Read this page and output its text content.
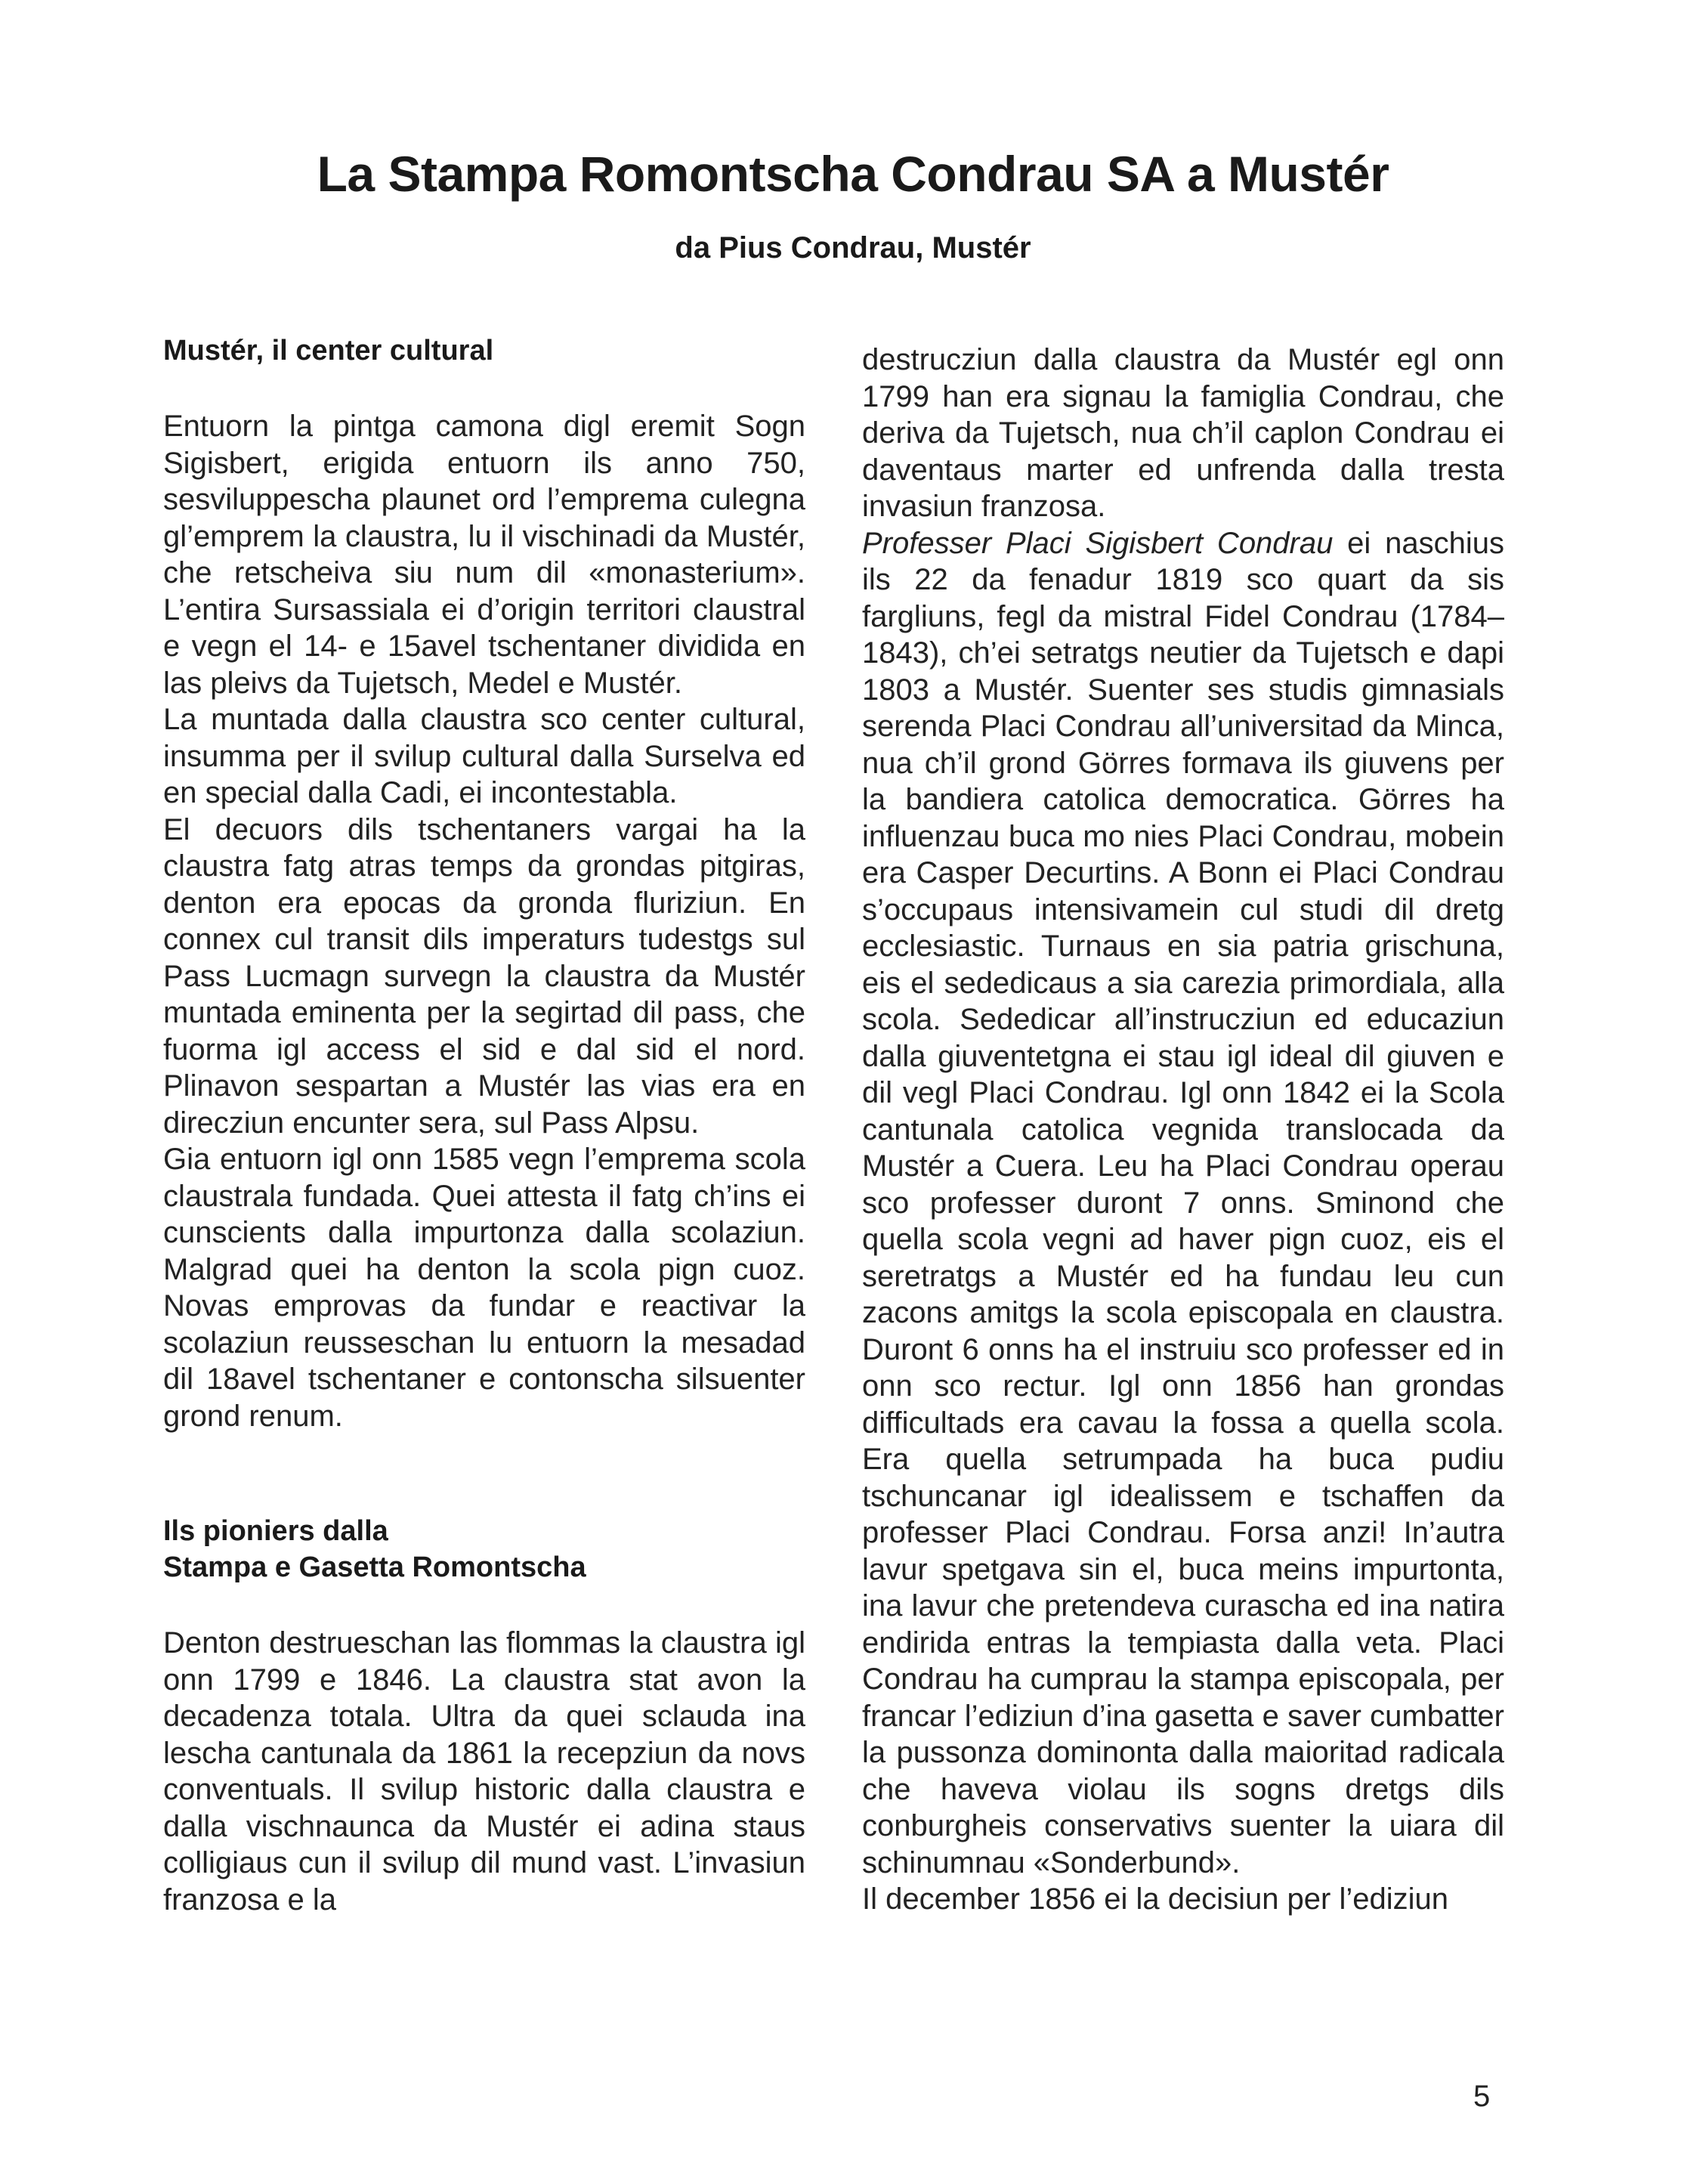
La Stampa Romontscha Condrau SA a Mustér
da Pius Condrau, Mustér

Mustér, il center cultural

Entuorn la pintga camona digl eremit Sogn Sigisbert, erigida entuorn ils anno 750, sesviluppescha plaunet ord l’emprema culegna gl’emprem la claustra, lu il vischinadi da Mustér, che retscheiva siu num dil «monasterium». L’entira Sursassiala ei d’origin territori claustral e vegn el 14- e 15avel tschentaner dividida en las pleivs da Tujetsch, Medel e Mustér.

La muntada dalla claustra sco center cultural, insumma per il svilup cultural dalla Surselva ed en special dalla Cadi, ei incontestabla.

El decuors dils tschentaners vargai ha la claustra fatg atras temps da grondas pitgiras, denton era epocas da gronda fluriziun. En connex cul transit dils imperaturs tudestgs sul Pass Lucmagn survegn la claustra da Mustér muntada eminenta per la segirtad dil pass, che fuorma igl access el sid e dal sid el nord. Plinavon sespartan a Mustér las vias era en direcziun encunter sera, sul Pass Alpsu.

Gia entuorn igl onn 1585 vegn l’emprema scola claustrala fundada. Quei attesta il fatg ch’ins ei cunscients dalla impurtonza dalla scolaziun. Malgrad quei ha denton la scola pign cuoz. Novas emprovas da fundar e reactivar la scolaziun reusseschan lu entuorn la mesadad dil 18avel tschentaner e contonscha silsuenter grond renum.

Ils pioniers dalla
Stampa e Gasetta Romontscha

Denton destrueschan las flommas la claustra igl onn 1799 e 1846. La claustra stat avon la decadenza totala. Ultra da quei sclauda ina lescha cantunala da 1861 la recepziun da novs conventuals. Il svilup historic dalla claustra e dalla vischnaunca da Mustér ei adina staus colligiaus cun il svilup dil mund vast. L’invasiun franzosa e la

destrucziun dalla claustra da Mustér egl onn 1799 han era signau la famiglia Condrau, che deriva da Tujetsch, nua ch’il caplon Condrau ei daventaus marter ed unfrenda dalla tresta invasiun franzosa.

Professer Placi Sigisbert Condrau ei naschius ils 22 da fenadur 1819 sco quart da sis fargliuns, fegl da mistral Fidel Condrau (1784–1843), ch’ei setratgs neutier da Tujetsch e dapi 1803 a Mustér. Suenter ses studis gimnasials serenda Placi Condrau all’universitad da Minca, nua ch’il grond Görres formava ils giuvens per la bandiera catolica democratica. Görres ha influenzau buca mo nies Placi Condrau, mobein era Casper Decurtins. A Bonn ei Placi Condrau s’occupaus intensivamein cul studi dil dretg ecclesiastic. Turnaus en sia patria grischuna, eis el sededicaus a sia carezia primordiala, alla scola. Sededicar all’instrucziun ed educaziun dalla giuventetgna ei stau igl ideal dil giuven e dil vegl Placi Condrau. Igl onn 1842 ei la Scola cantunala catolica vegnida translocada da Mustér a Cuera. Leu ha Placi Condrau operau sco professer duront 7 onns. Sminond che quella scola vegni ad haver pign cuoz, eis el seretratgs a Mustér ed ha fundau leu cun zacons amitgs la scola episcopala en claustra. Duront 6 onns ha el instruiu sco professer ed in onn sco rectur. Igl onn 1856 han grondas difficultads era cavau la fossa a quella scola. Era quella setrumpada ha buca pudiu tschuncanar igl idealissem e tschaffen da professer Placi Condrau. Forsa anzi! In’autra lavur spetgava sin el, buca meins impurtonta, ina lavur che pretendeva curascha ed ina natira endirida entras la tempiasta dalla veta. Placi Condrau ha cumprau la stampa episcopala, per francar l’ediziun d’ina gasetta e saver cumbatter la pussonza dominonta dalla maioritad radicala che haveva violau ils sogns dretgs dils conburgheis conservativs suenter la uiara dil schinumnau «Sonderbund».

Il december 1856 ei la decisiun per l’ediziun

5
